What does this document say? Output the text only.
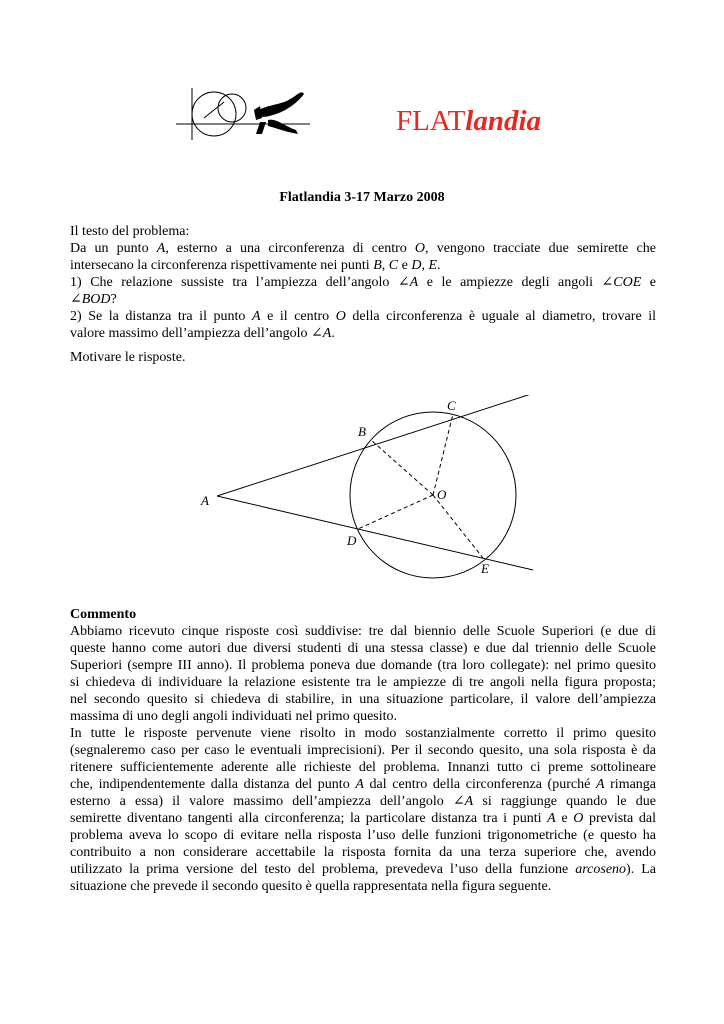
FLATlandia
Flatlandia 3-17 Marzo 2008

Il testo del problema:

Da un punto A, esterno a una circonferenza di centro O, vengono tracciate due semirette che

intersecano la circonferenza rispettivamente nei punti B, C e D, E.

1) Che relazione sussiste tra l’ampiezza dell’angolo ∠A e le ampiezze degli angoli ∠COE e

∠BOD?

2) Se la distanza tra il punto A e il centro O della circonferenza è uguale al diametro, trovare il

valore massimo dell’ampiezza dell’angolo ∠A.

Motivare le risposte.
A
B
C
D
E
O

Commento

Abbiamo ricevuto cinque risposte così suddivise: tre dal biennio delle Scuole Superiori (e due di

queste hanno come autori due diversi studenti di una stessa classe) e due dal triennio delle Scuole

Superiori (sempre III anno). Il problema poneva due domande (tra loro collegate): nel primo quesito

si chiedeva di individuare la relazione esistente tra le ampiezze di tre angoli nella figura proposta;

nel secondo quesito si chiedeva di stabilire, in una situazione particolare, il valore dell’ampiezza

massima di uno degli angoli individuati nel primo quesito.

In tutte le risposte pervenute viene risolto in modo sostanzialmente corretto il primo quesito

(segnaleremo caso per caso le eventuali imprecisioni). Per il secondo quesito, una sola risposta è da

ritenere sufficientemente aderente alle richieste del problema. Innanzi tutto ci preme sottolineare

che, indipendentemente dalla distanza del punto A dal centro della circonferenza (purché A rimanga

esterno a essa) il valore massimo dell’ampiezza dell’angolo ∠A si raggiunge quando le due

semirette diventano tangenti alla circonferenza; la particolare distanza tra i punti A e O prevista dal

problema aveva lo scopo di evitare nella risposta l’uso delle funzioni trigonometriche (e questo ha

contribuito a non considerare accettabile la risposta fornita da una terza superiore che, avendo

utilizzato la prima versione del testo del problema, prevedeva l’uso della funzione arcoseno). La

situazione che prevede il secondo quesito è quella rappresentata nella figura seguente.
